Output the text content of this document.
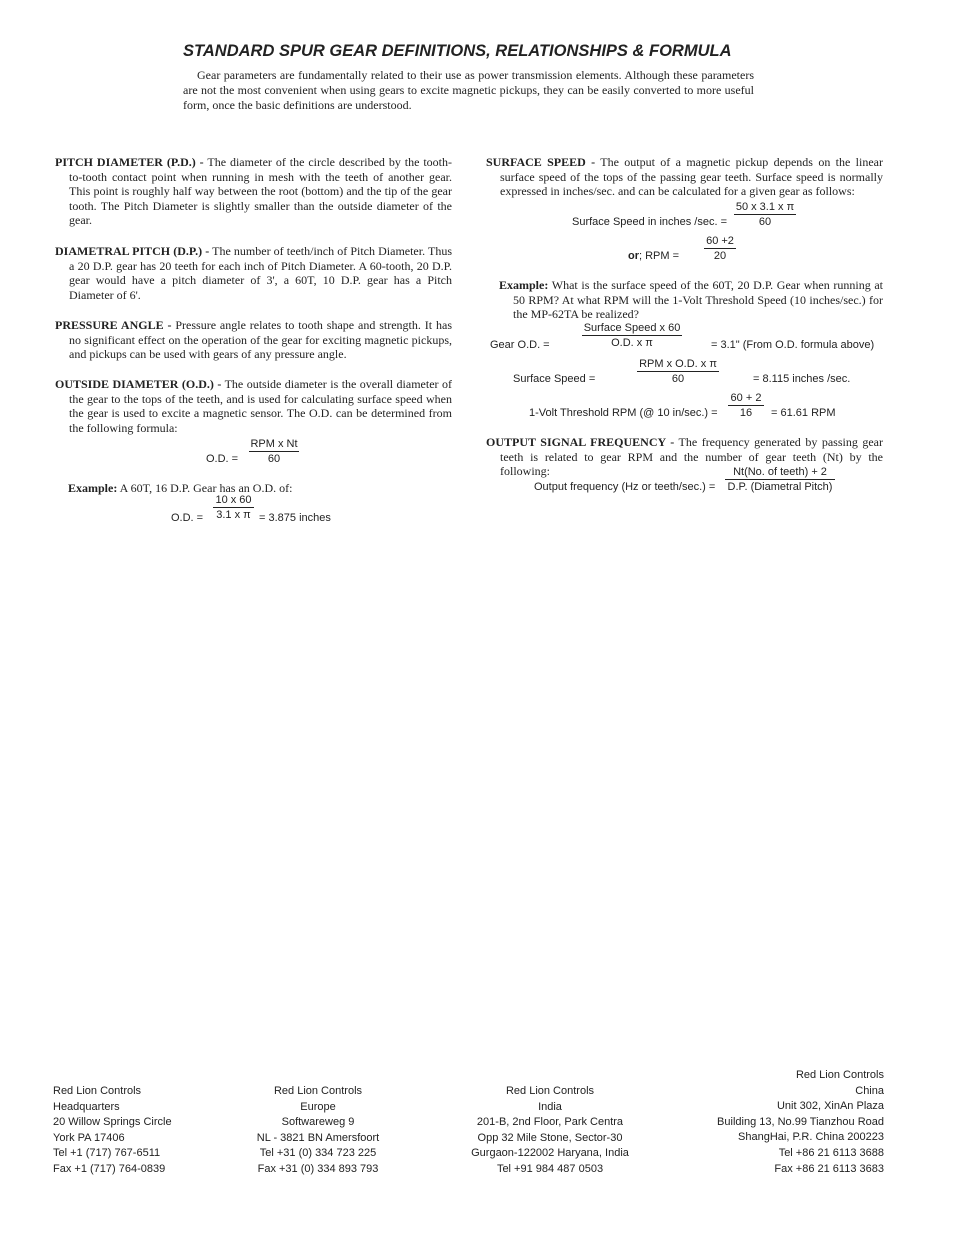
STANDARD SPUR GEAR DEFINITIONS, RELATIONSHIPS & FORMULA

Gear parameters are fundamentally related to their use as power transmission elements. Although these parameters are not the most convenient when using gears to excite magnetic pickups, they can be easily converted to more useful form, once the basic definitions are understood.

PITCH DIAMETER (P.D.) - The diameter of the circle described by the tooth-to-tooth contact point when running in mesh with the teeth of another gear. This point is roughly half way between the root (bottom) and the tip of the gear tooth. The Pitch Diameter is slightly smaller than the outside diameter of the gear.

DIAMETRAL PITCH (D.P.) - The number of teeth/inch of Pitch Diameter. Thus a 20 D.P. gear has 20 teeth for each inch of Pitch Diameter. A 60-tooth, 20 D.P. gear would have a pitch diameter of 3', a 60T, 10 D.P. gear has a Pitch Diameter of 6'.

PRESSURE ANGLE - Pressure angle relates to tooth shape and strength. It has no significant effect on the operation of the gear for exciting magnetic pickups, and pickups can be used with gears of any pressure angle.

OUTSIDE DIAMETER (O.D.) - The outside diameter is the overall diameter of the gear to the tops of the teeth, and is used for calculating surface speed when the gear is used to excite a magnetic sensor. The O.D. can be determined from the following formula:

O.D. =
RPM x Nt
60
Example: A 60T, 16 D.P. Gear has an O.D. of:
O.D. = $\frac{10 x 60}{\text{3.1 x π}} = 3.875$ inches

SURFACE SPEED - The output of a magnetic pickup depends on the linear surface speed of the tops of the passing gear teeth. Surface speed is normally expressed in inches/sec. and can be calculated for a given gear as follows:

Surface Speed in inches /sec. = $\frac{\text{50 x 3.1 x π}}{60}$
or; RPM = $\frac{60 +2}{20}$

Example: What is the surface speed of the 60T, 20 D.P. Gear when running at 50 RPM? At what RPM will the 1-Volt Threshold Speed (10 inches/sec.) for the MP-62TA be realized?

Gear O.D. =
Surface Speed x 60
O.D. x π	= 3.1" (From O.D. formula above)
Surface Speed =
RPM x O.D. x π
60	= 8.115 inches /sec.
1-Volt Threshold RPM (@ 10 $in/\sec.) = \frac{60 + 2}{16} = 61.61$ RPM

OUTPUT SIGNAL FREQUENCY - The frequency generated by passing gear teeth is related to gear RPM and the number of gear teeth (Nt) by the following:

Output frequency (Hz or teeth/sec.) =
Nt(No. of teeth) + 2
D.P. (Diametral Pitch)
Red Lion Controls
Headquarters
20 Willow Springs Circle
York PA 17406
Tel +1 (717) 767-6511
Fax +1 (717) 764-0839
Red Lion Controls
Europe
Softwareweg 9
NL - 3821 BN Amersfoort
Tel +31 (0) 334 723 225
Fax +31 (0) 334 893 793
Red Lion Controls
India
201-B, 2nd Floor, Park Centra
Opp 32 Mile Stone, Sector-30
Gurgaon-122002 Haryana, India
Tel +91 984 487 0503
Red Lion Controls
China
Unit 302, XinAn Plaza
Building 13, No.99 Tianzhou Road
ShangHai, P.R. China 200223
Tel +86 21 6113 3688
Fax +86 21 6113 3683
